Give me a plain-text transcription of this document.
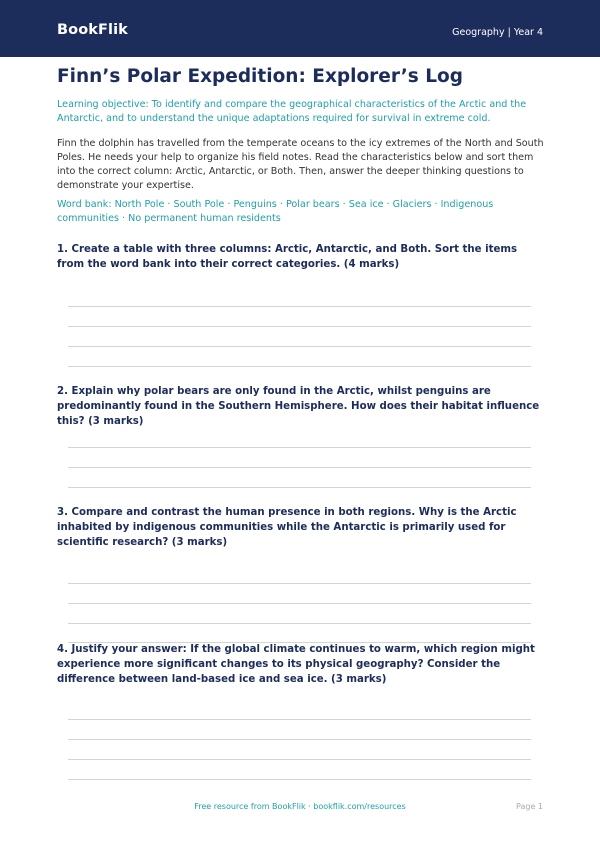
BookFlik	Geography | Year 4
Finn’s Polar Expedition: Explorer’s Log
Learning objective: To identify and compare the geographical characteristics of the Arctic and the Antarctic, and to understand the unique adaptations required for survival in extreme cold.
Finn the dolphin has travelled from the temperate oceans to the icy extremes of the North and South Poles. He needs your help to organize his field notes. Read the characteristics below and sort them into the correct column: Arctic, Antarctic, or Both. Then, answer the deeper thinking questions to demonstrate your expertise.
Word bank: North Pole · South Pole · Penguins · Polar bears · Sea ice · Glaciers · Indigenous communities · No permanent human residents
1. Create a table with three columns: Arctic, Antarctic, and Both. Sort the items from the word bank into their correct categories. (4 marks)
2. Explain why polar bears are only found in the Arctic, whilst penguins are predominantly found in the Southern Hemisphere. How does their habitat influence this? (3 marks)
3. Compare and contrast the human presence in both regions. Why is the Arctic inhabited by indigenous communities while the Antarctic is primarily used for scientific research? (3 marks)
4. Justify your answer: If the global climate continues to warm, which region might experience more significant changes to its physical geography? Consider the difference between land-based ice and sea ice. (3 marks)
Free resource from BookFlik · bookflik.com/resources	Page 1
